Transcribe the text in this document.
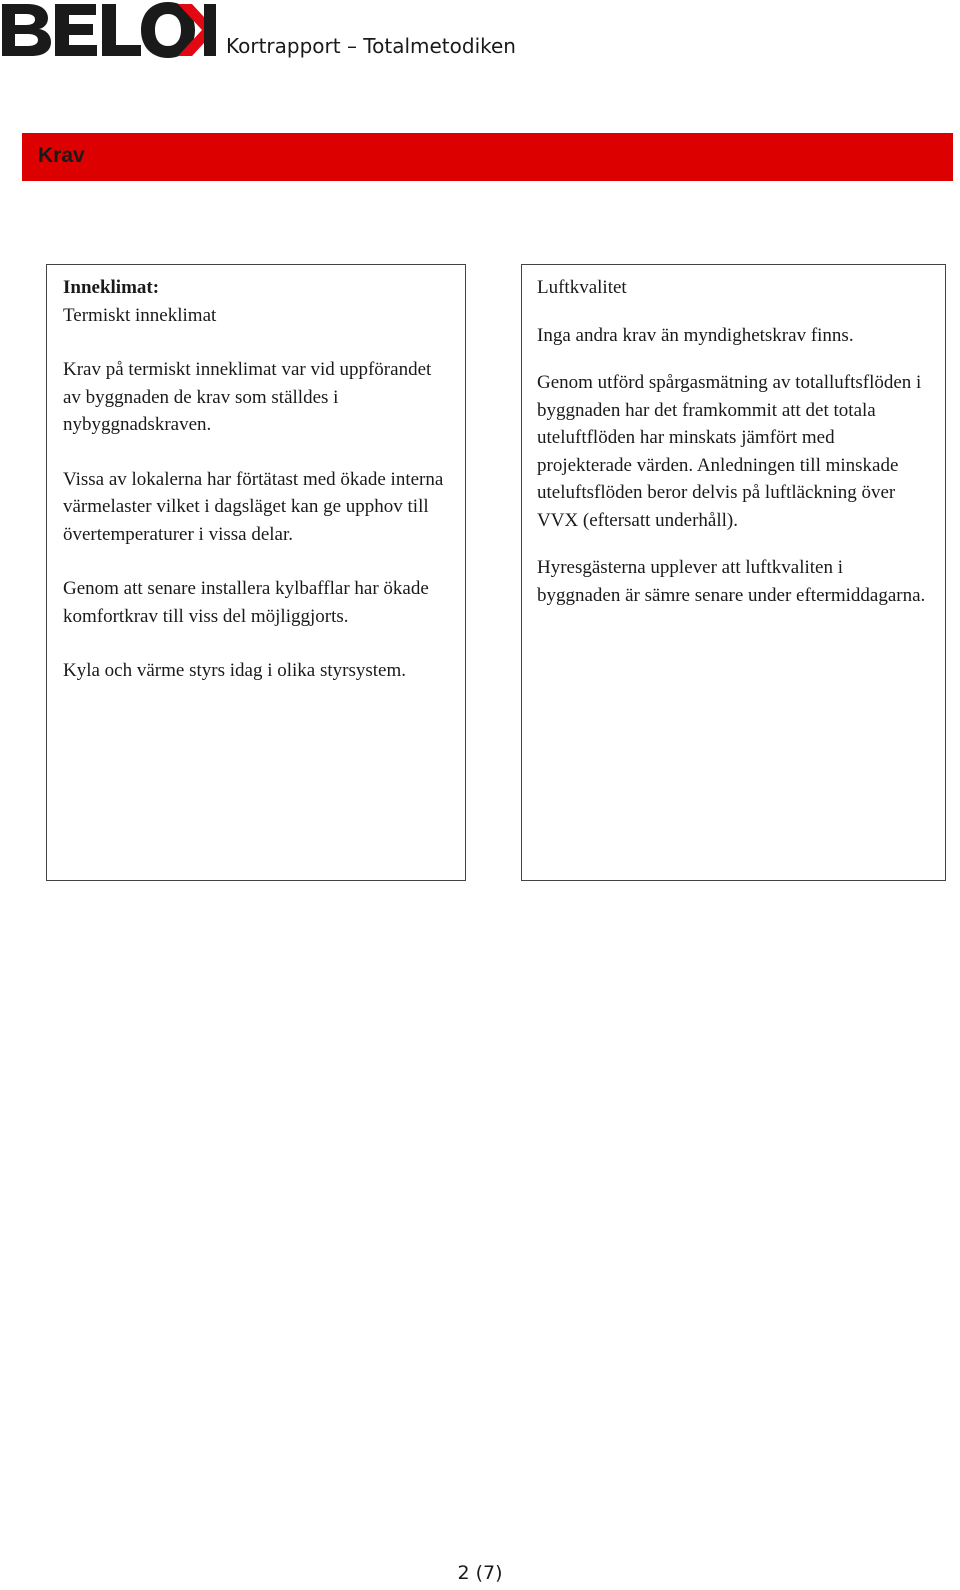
Kortrapport – Totalmetodiken
Krav

Inneklimat:

Termiskt inneklimat

Krav på termiskt inneklimat var vid uppförandet av byggnaden de krav som ställdes i nybyggnadskraven.

Vissa av lokalerna har förtätast med ökade interna värmelaster vilket i dagsläget kan ge upphov till övertemperaturer i vissa delar.

Genom att senare installera kylbafflar har ökade komfortkrav till viss del möjliggjorts.

Kyla och värme styrs idag i olika styrsystem.

Luftkvalitet

Inga andra krav än myndighetskrav finns.

Genom utförd spårgasmätning av totalluftsflöden i byggnaden har det framkommit att det totala uteluftflöden har minskats jämfört med projekterade värden. Anledningen till minskade uteluftsflöden beror delvis på luftläckning över VVX (eftersatt underhåll).

Hyresgästerna upplever att luftkvaliten i byggnaden är sämre senare under eftermiddagarna.

2 (7)
